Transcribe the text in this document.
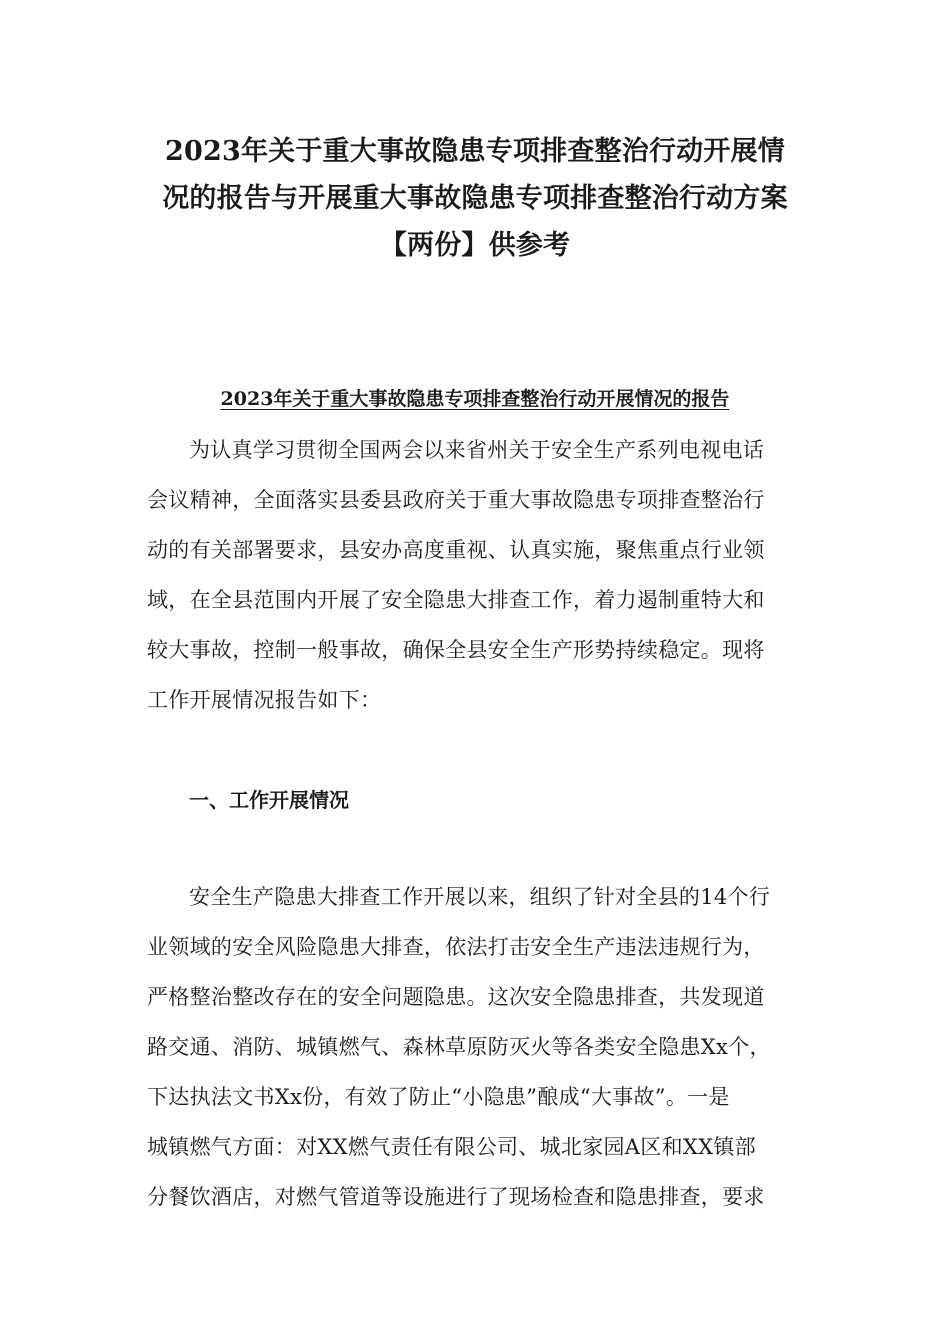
2023年关于重大事故隐患专项排查整治行动开展情
况的报告与开展重大事故隐患专项排查整治行动方案
【两份】供参考
2023年关于重大事故隐患专项排查整治行动开展情况的报告
为认真学习贯彻全国两会以来省州关于安全生产系列电视电话
会议精神，全面落实县委县政府关于重大事故隐患专项排查整治行
动的有关部署要求，县安办高度重视、认真实施，聚焦重点行业领
域，在全县范围内开展了安全隐患大排查工作，着力遏制重特大和
较大事故，控制一般事故，确保全县安全生产形势持续稳定。现将
工作开展情况报告如下：
一、工作开展情况
安全生产隐患大排查工作开展以来，组织了针对全县的14个行
业领域的安全风险隐患大排查，依法打击安全生产违法违规行为，
严格整治整改存在的安全问题隐患。这次安全隐患排查，共发现道
路交通、消防、城镇燃气、森林草原防灭火等各类安全隐患Xx个，
下达执法文书Xx份，有效了防止“小隐患”酿成“大事故”。一是
城镇燃气方面：对XX燃气责任有限公司、城北家园A区和XX镇部
分餐饮酒店，对燃气管道等设施进行了现场检查和隐患排查，要求
